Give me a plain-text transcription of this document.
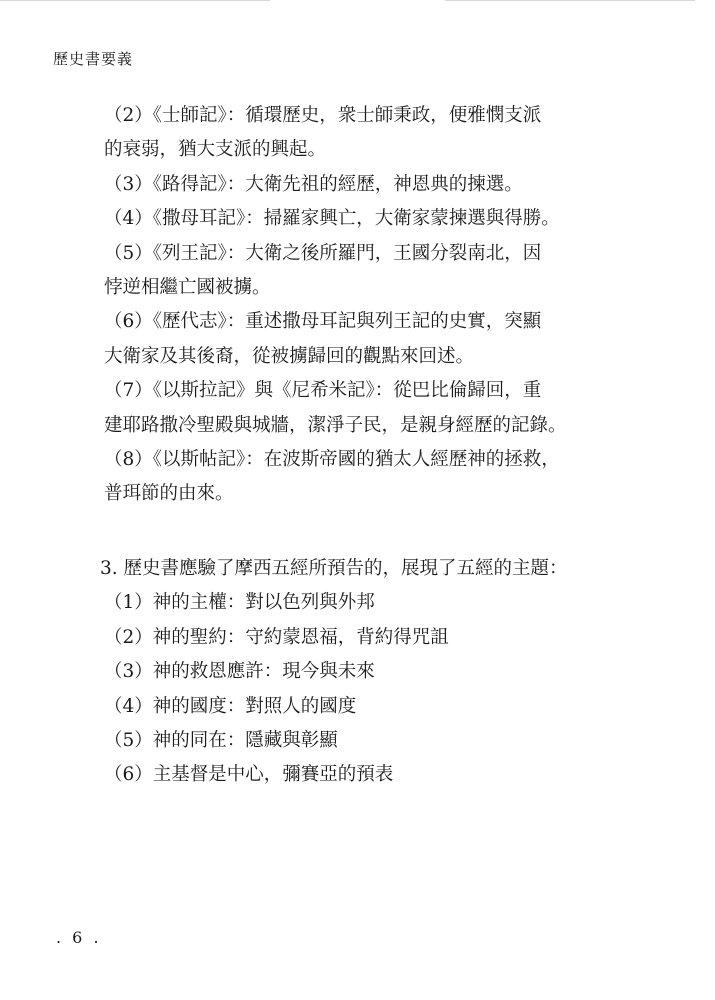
歷史書要義
（2）《士師記》：循環歷史，衆士師秉政，便雅憫支派
的衰弱，猶大支派的興起。
（3）《路得記》：大衛先祖的經歷，神恩典的揀選。
（4）《撒母耳記》：掃羅家興亡，大衛家蒙揀選與得勝。
（5）《列王記》：大衛之後所羅門，王國分裂南北，因
悖逆相繼亡國被擄。
（6）《歷代志》：重述撒母耳記與列王記的史實，突顯
大衛家及其後裔，從被擄歸回的觀點來回述。
（7）《以斯拉記》與《尼希米記》：從巴比倫歸回，重
建耶路撒冷聖殿與城牆，潔淨子民，是親身經歷的記錄。
（8）《以斯帖記》：在波斯帝國的猶太人經歷神的拯救，
普珥節的由來。
3. 歷史書應驗了摩西五經所預告的，展現了五經的主題：
（1）神的主權：對以色列與外邦
（2）神的聖約：守約蒙恩福，背約得咒詛
（3）神的救恩應許：現今與未來
（4）神的國度：對照人的國度
（5）神的同在：隱藏與彰顯
（6）主基督是中心，彌賽亞的預表
. 6 .
